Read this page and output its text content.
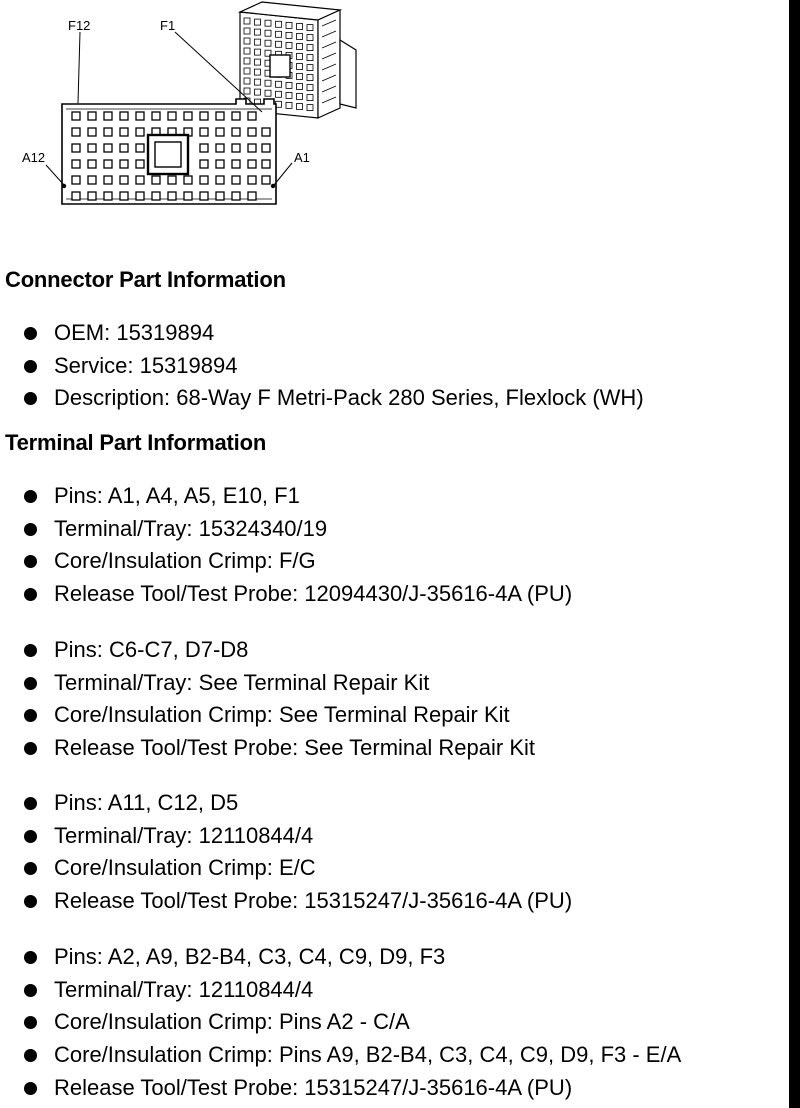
F12	F1
A12	A1
Connector Part Information
OEM: 15319894
Service: 15319894
Description: 68-Way F Metri-Pack 280 Series, Flexlock (WH)
Terminal Part Information
Pins: A1, A4, A5, E10, F1
Terminal/Tray: 15324340/19
Core/Insulation Crimp: F/G
Release Tool/Test Probe: 12094430/J-35616-4A (PU)
Pins: C6-C7, D7-D8
Terminal/Tray: See Terminal Repair Kit
Core/Insulation Crimp: See Terminal Repair Kit
Release Tool/Test Probe: See Terminal Repair Kit
Pins: A11, C12, D5
Terminal/Tray: 12110844/4
Core/Insulation Crimp: E/C
Release Tool/Test Probe: 15315247/J-35616-4A (PU)
Pins: A2, A9, B2-B4, C3, C4, C9, D9, F3
Terminal/Tray: 12110844/4
Core/Insulation Crimp: Pins A2 - C/A
Core/Insulation Crimp: Pins A9, B2-B4, C3, C4, C9, D9, F3 - E/A
Release Tool/Test Probe: 15315247/J-35616-4A (PU)
